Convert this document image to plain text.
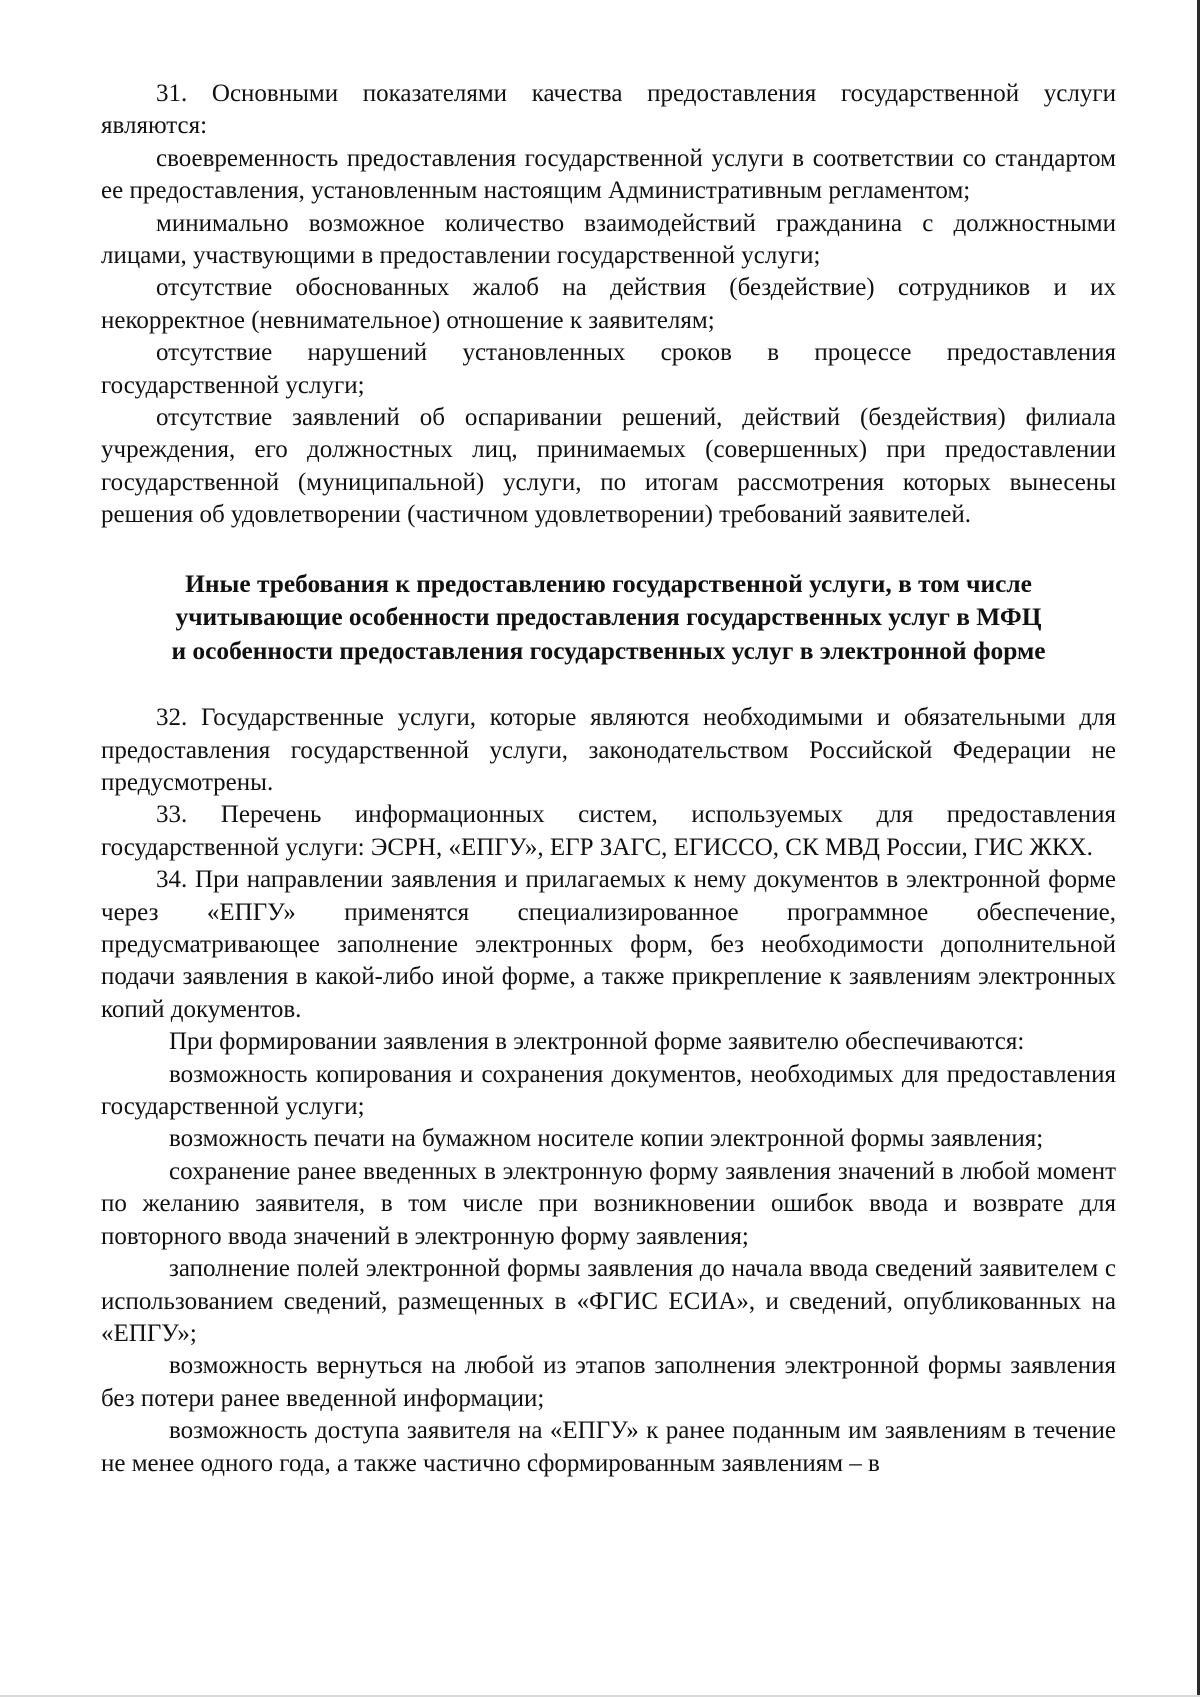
31. Основными показателями качества предоставления государственной услуги являются:

своевременность предоставления государственной услуги в соответствии со стандартом ее предоставления, установленным настоящим Административным регламентом;

минимально возможное количество взаимодействий гражданина с должностными лицами, участвующими в предоставлении государственной услуги;

отсутствие обоснованных жалоб на действия (бездействие) сотрудников и их некорректное (невнимательное) отношение к заявителям;

отсутствие нарушений установленных сроков в процессе предоставления государственной услуги;

отсутствие заявлений об оспаривании решений, действий (бездействия) филиала учреждения, его должностных лиц, принимаемых (совершенных) при предоставлении государственной (муниципальной) услуги, по итогам рассмотрения которых вынесены решения об удовлетворении (частичном удовлетворении) требований заявителей.

Иные требования к предоставлению государственной услуги, в том числе
учитывающие особенности предоставления государственных услуг в МФЦ
и особенности предоставления государственных услуг в электронной форме

32. Государственные услуги, которые являются необходимыми и обязательными для предоставления государственной услуги, законодательством Российской Федерации не предусмотрены.

33. Перечень информационных систем, используемых для предоставления государственной услуги: ЭСРН, «ЕПГУ», ЕГР ЗАГС, ЕГИССО, СК МВД России, ГИС ЖКХ.

34. При направлении заявления и прилагаемых к нему документов в электронной форме через «ЕПГУ» применятся специализированное программное обеспечение, предусматривающее заполнение электронных форм, без необходимости дополнительной подачи заявления в какой-либо иной форме, а также прикрепление к заявлениям электронных копий документов.

При формировании заявления в электронной форме заявителю обеспечиваются:

возможность копирования и сохранения документов, необходимых для предоставления государственной услуги;

возможность печати на бумажном носителе копии электронной формы заявления;

сохранение ранее введенных в электронную форму заявления значений в любой момент по желанию заявителя, в том числе при возникновении ошибок ввода и возврате для повторного ввода значений в электронную форму заявления;

заполнение полей электронной формы заявления до начала ввода сведений заявителем с использованием сведений, размещенных в «ФГИС ЕСИА», и сведений, опубликованных на «ЕПГУ»;

возможность вернуться на любой из этапов заполнения электронной формы заявления без потери ранее введенной информации;

возможность доступа заявителя на «ЕПГУ» к ранее поданным им заявлениям в течение не менее одного года, а также частично сформированным заявлениям – в
